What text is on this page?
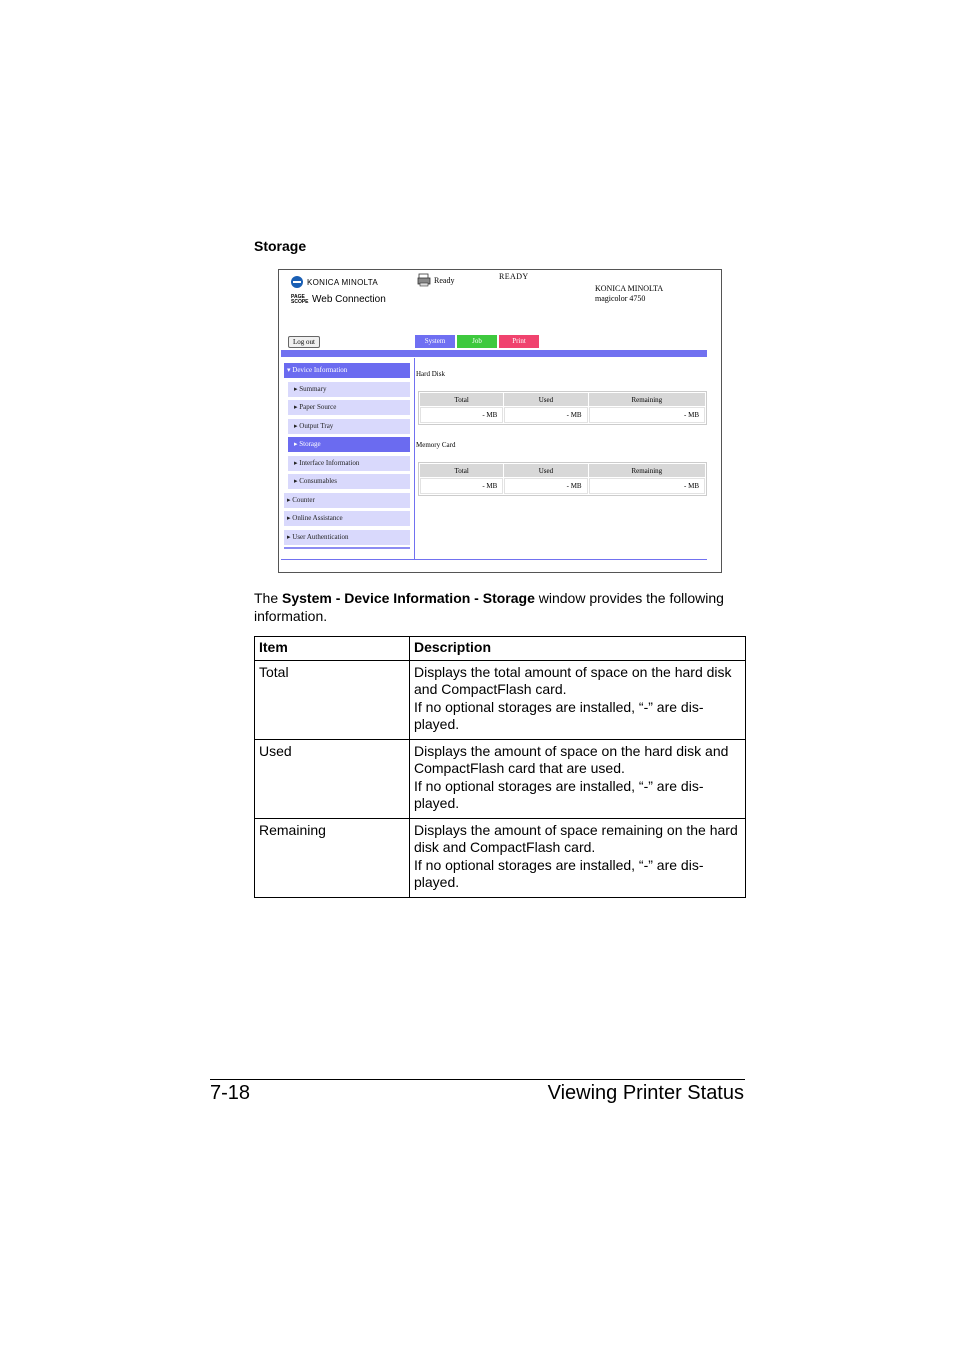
Storage
KONICA MINOLTA
PAGE
SCOPE Web Connection
Ready	READY
KONICA MINOLTA
magicolor 4750
Log out	System	Job	Print
▾ Device Information
▸ Summary
▸ Paper Source
▸ Output Tray
▸ Storage
▸ Interface Information
▸ Consumables
▸ Counter
▸ Online Assistance
▸ User Authentication
Hard Disk
Total	Used	Remaining
- MB	- MB	- MB
Memory Card
Total	Used	Remaining
- MB	- MB	- MB
The System - Device Information - Storage window provides the following information.
Item	Description
Total	Displays the total amount of space on the hard disk and CompactFlash card.

If no optional storages are installed, “-” are dis-played.

Used	Displays the amount of space on the hard disk and CompactFlash card that are used.

If no optional storages are installed, “-” are dis-played.

Remaining	Displays the amount of space remaining on the hard disk and CompactFlash card.

If no optional storages are installed, “-” are dis-played.

7-18	Viewing Printer Status
